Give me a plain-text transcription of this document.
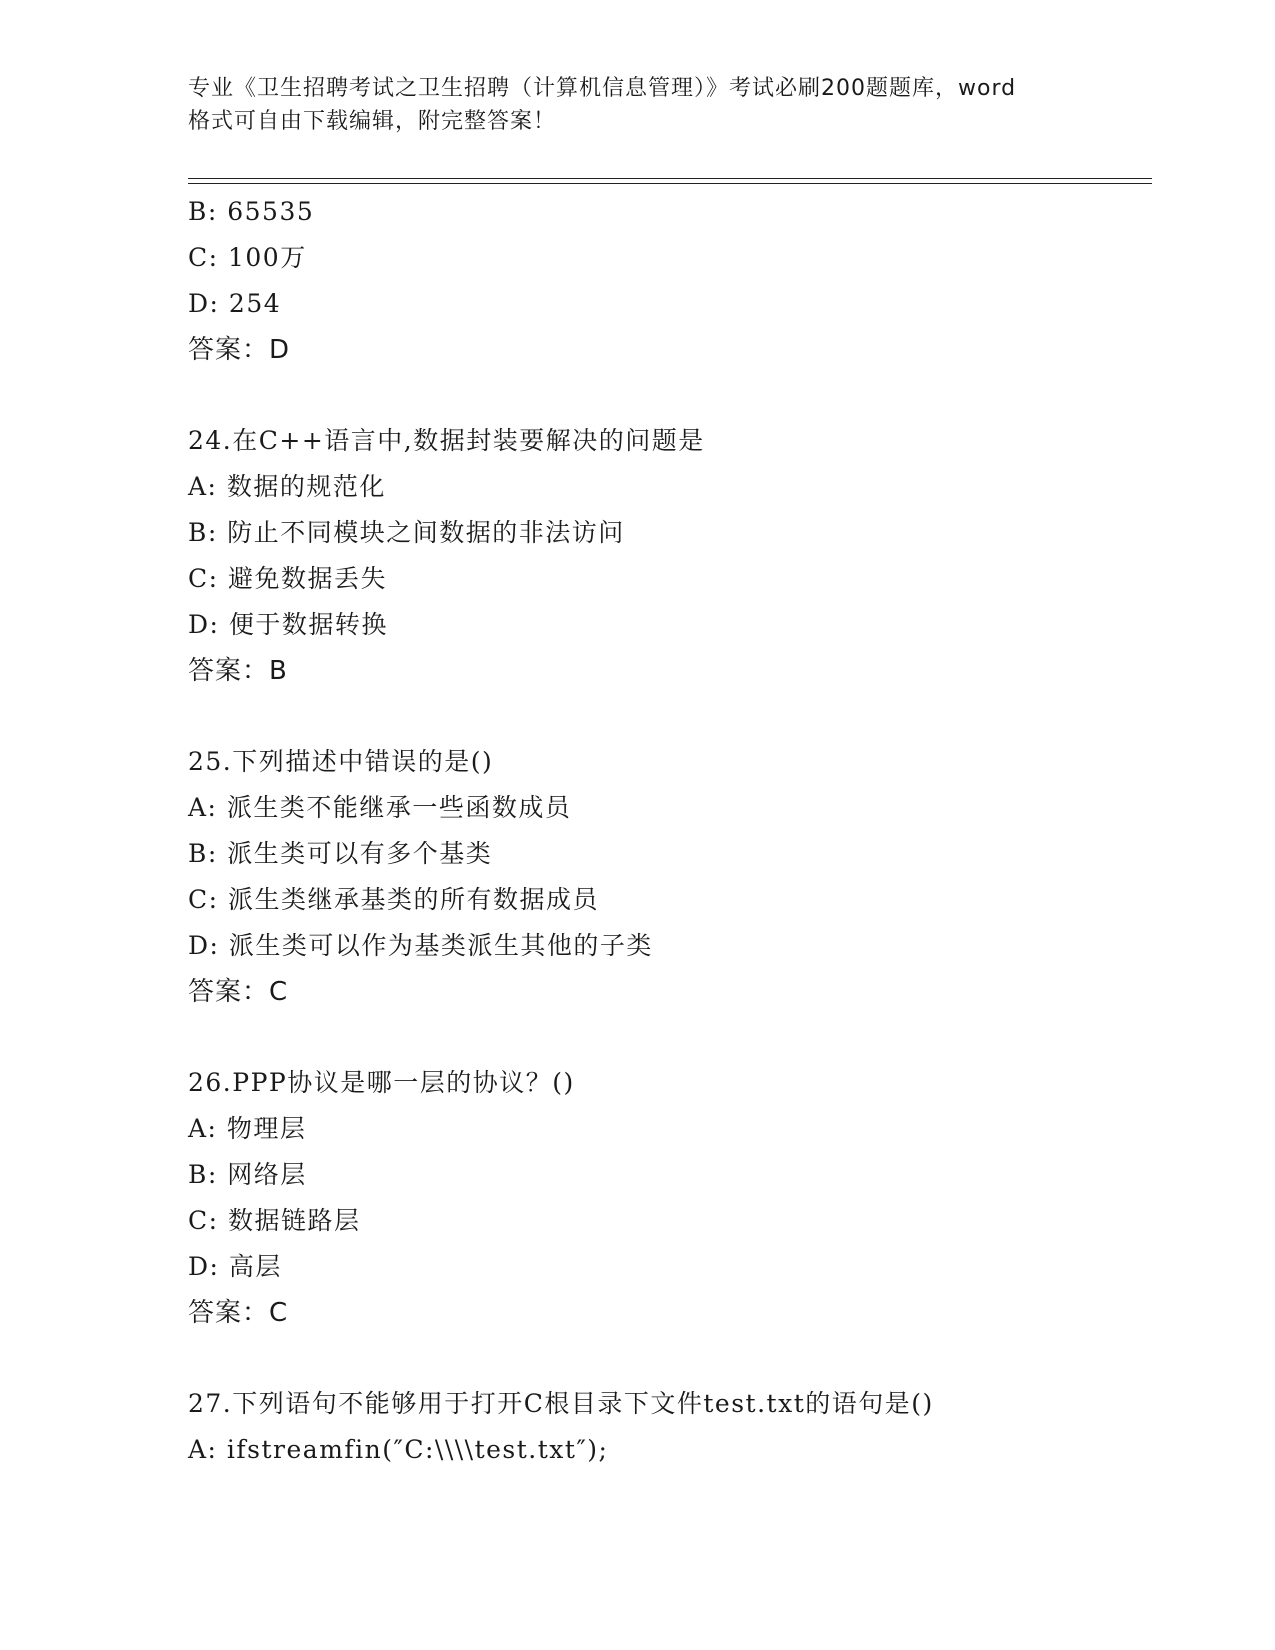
专业《卫生招聘考试之卫生招聘（计算机信息管理）》考试必刷200题题库，word
格式可自由下载编辑，附完整答案！
B: 65535
C: 100万
D: 254
答案：D
24.在C++语言中,数据封装要解决的问题是
A: 数据的规范化
B: 防止不同模块之间数据的非法访问
C: 避免数据丢失
D: 便于数据转换
答案：B
25.下列描述中错误的是()
A: 派生类不能继承一些函数成员
B: 派生类可以有多个基类
C: 派生类继承基类的所有数据成员
D: 派生类可以作为基类派生其他的子类
答案：C
26.PPP协议是哪一层的协议？()
A: 物理层
B: 网络层
C: 数据链路层
D: 高层
答案：C
27.下列语句不能够用于打开C根目录下文件test.txt的语句是()
A: ifstreamfin(″C:\\\\test.txt″);
